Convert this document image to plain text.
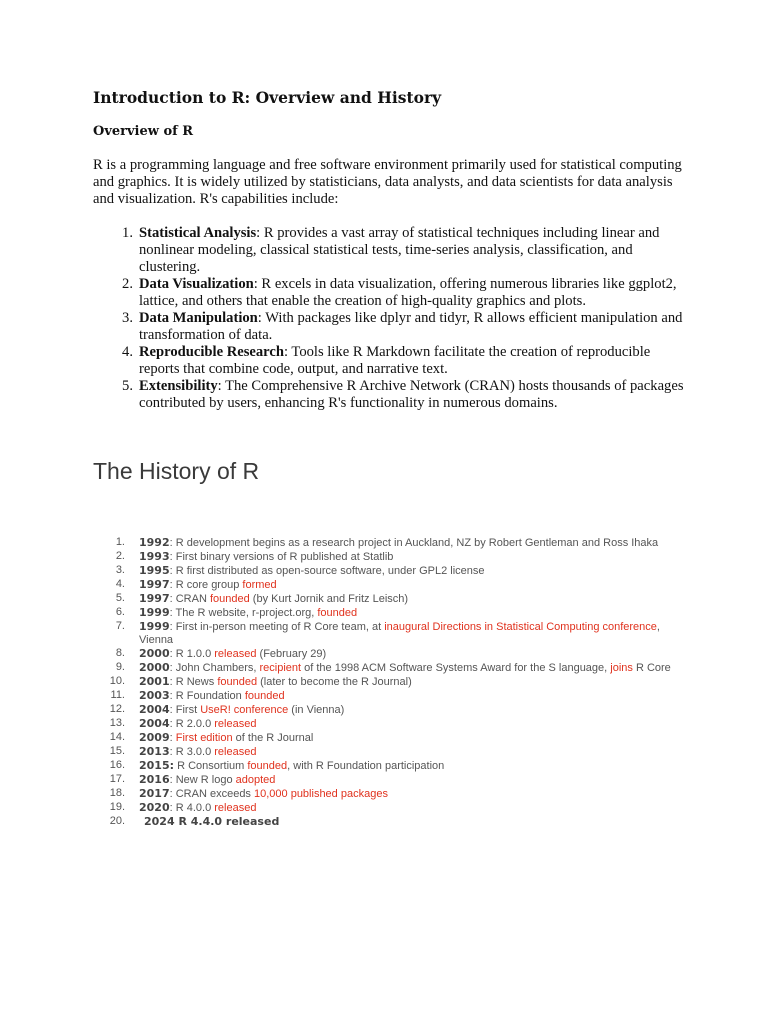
Introduction to R: Overview and History
Overview of R

R is a programming language and free software environment primarily used for statistical computing and graphics. It is widely utilized by statisticians, data analysts, and data scientists for data analysis and visualization. R's capabilities include:

1. Statistical Analysis: R provides a vast array of statistical techniques including linear and nonlinear modeling, classical statistical tests, time-series analysis, classification, and clustering.
2. Data Visualization: R excels in data visualization, offering numerous libraries like ggplot2, lattice, and others that enable the creation of high-quality graphics and plots.
3. Data Manipulation: With packages like dplyr and tidyr, R allows efficient manipulation and transformation of data.
4. Reproducible Research: Tools like R Markdown facilitate the creation of reproducible reports that combine code, output, and narrative text.
5. Extensibility: The Comprehensive R Archive Network (CRAN) hosts thousands of packages contributed by users, enhancing R's functionality in numerous domains.
The History of R
1. 1992: R development begins as a research project in Auckland, NZ by Robert Gentleman and Ross Ihaka
2. 1993: First binary versions of R published at Statlib
3. 1995: R first distributed as open-source software, under GPL2 license
4. 1997: R core group formed
5. 1997: CRAN founded (by Kurt Jornik and Fritz Leisch)
6. 1999: The R website, r-project.org, founded
7. 1999: First in-person meeting of R Core team, at inaugural Directions in Statistical Computing conference, Vienna
8. 2000: R 1.0.0 released (February 29)
9. 2000: John Chambers, recipient of the 1998 ACM Software Systems Award for the S language, joins R Core
10. 2001: R News founded (later to become the R Journal)
11. 2003: R Foundation founded
12. 2004: First UseR! conference (in Vienna)
13. 2004: R 2.0.0 released
14. 2009: First edition of the R Journal
15. 2013: R 3.0.0 released
16. 2015: R Consortium founded, with R Foundation participation
17. 2016: New R logo adopted
18. 2017: CRAN exceeds 10,000 published packages
19. 2020: R 4.0.0 released
20. 2024 R 4.4.0 released
